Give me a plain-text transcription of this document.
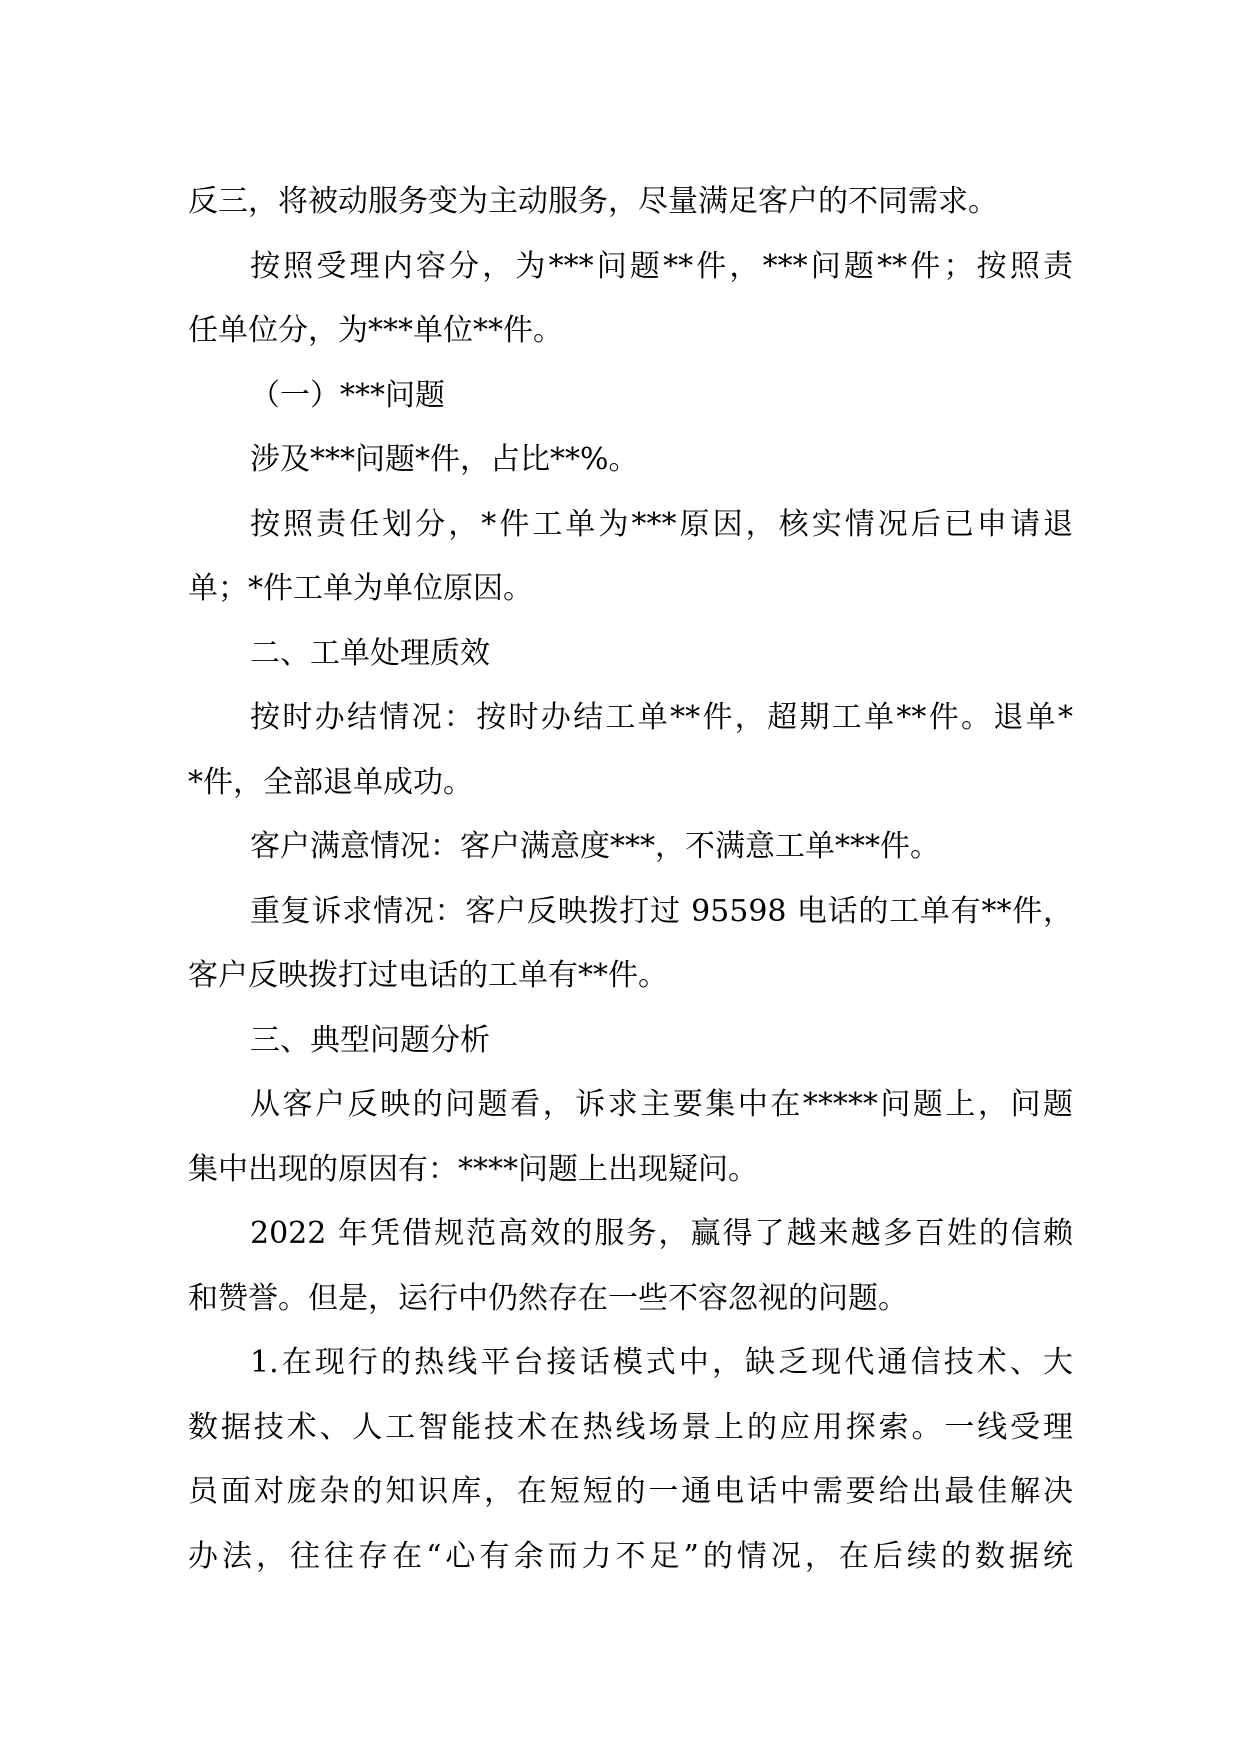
反三，将被动服务变为主动服务，尽量满足客户的不同需求。
按照受理内容分，为***问题**件，***问题**件；按照责
任单位分，为***单位**件。
（一）***问题
涉及***问题*件，占比**%。
按照责任划分，*件工单为***原因，核实情况后已申请退
单；*件工单为单位原因。
二、工单处理质效
按时办结情况：按时办结工单**件，超期工单**件。退单*
*件，全部退单成功。
客户满意情况：客户满意度***，不满意工单***件。
重复诉求情况：客户反映拨打过 95598 电话的工单有**件，
客户反映拨打过电话的工单有**件。
三、典型问题分析
从客户反映的问题看，诉求主要集中在*****问题上，问题
集中出现的原因有：****问题上出现疑问。
2022 年凭借规范高效的服务，赢得了越来越多百姓的信赖
和赞誉。但是，运行中仍然存在一些不容忽视的问题。
1.在现行的热线平台接话模式中，缺乏现代通信技术、大
数据技术、人工智能技术在热线场景上的应用探索。一线受理
员面对庞杂的知识库，在短短的一通电话中需要给出最佳解决
办法，往往存在“心有余而力不足”的情况，在后续的数据统
